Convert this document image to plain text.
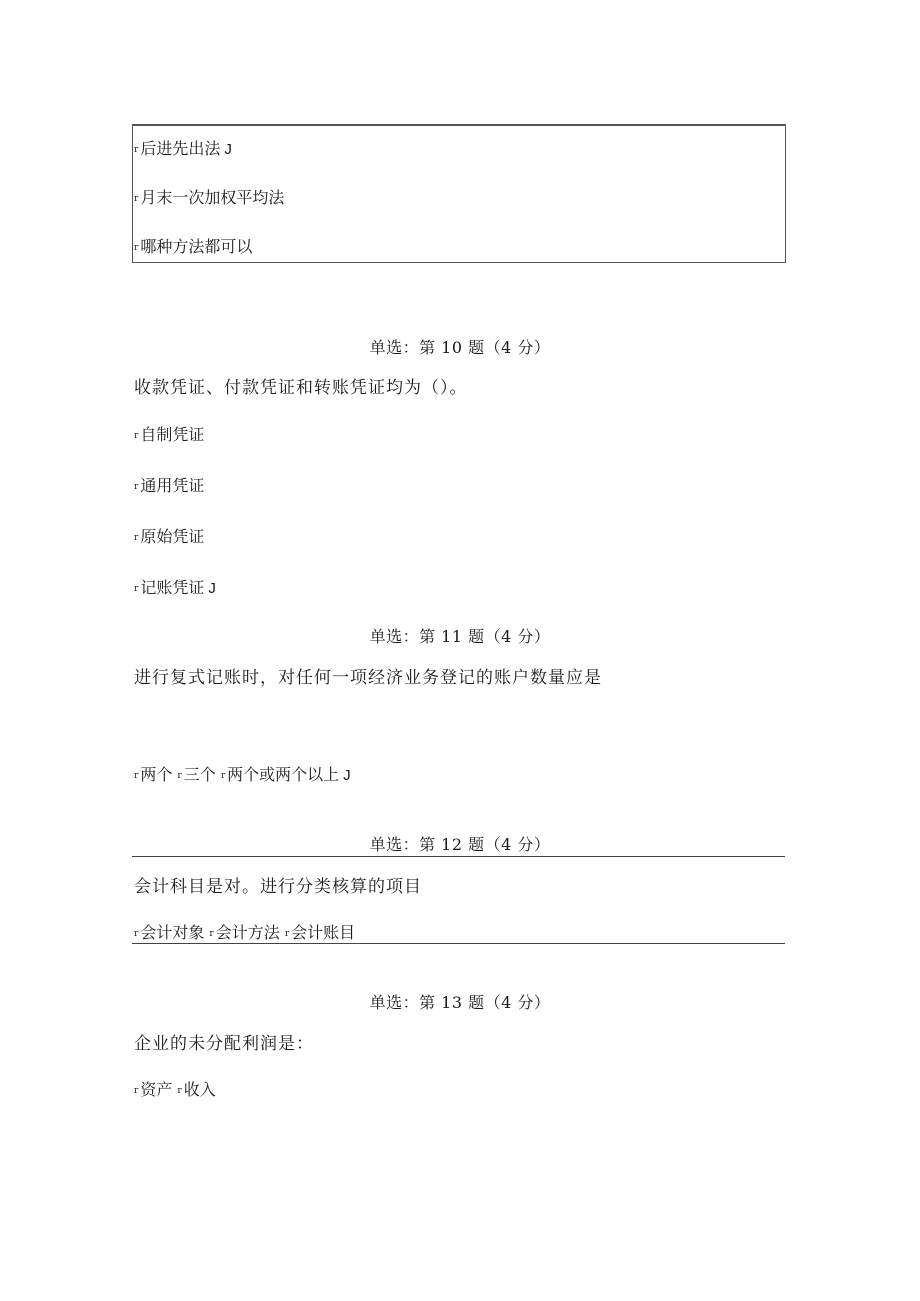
$^r$ 后进先出法 J
$^r$ 月末一次加权平均法
$^r$ 哪种方法都可以
单选：第 10 题（4 分）
收款凭证、付款凭证和转账凭证均为（）。
$^r$ 自制凭证
$^r$ 通用凭证
$^r$ 原始凭证
$^r$ 记账凭证 J
单选：第 11 题（4 分）
进行复式记账时，对任何一项经济业务登记的账户数量应是
$^r$ 两个 $^r$ 三个 $^r$ 两个或两个以上 J
单选：第 12 题（4 分）
会计科目是对。进行分类核算的项目
$^r$ 会计对象 $^r$ 会计方法 $^r$ 会计账目
单选：第 13 题（4 分）
企业的未分配利润是：
$^r$ 资产 $^r$ 收入
